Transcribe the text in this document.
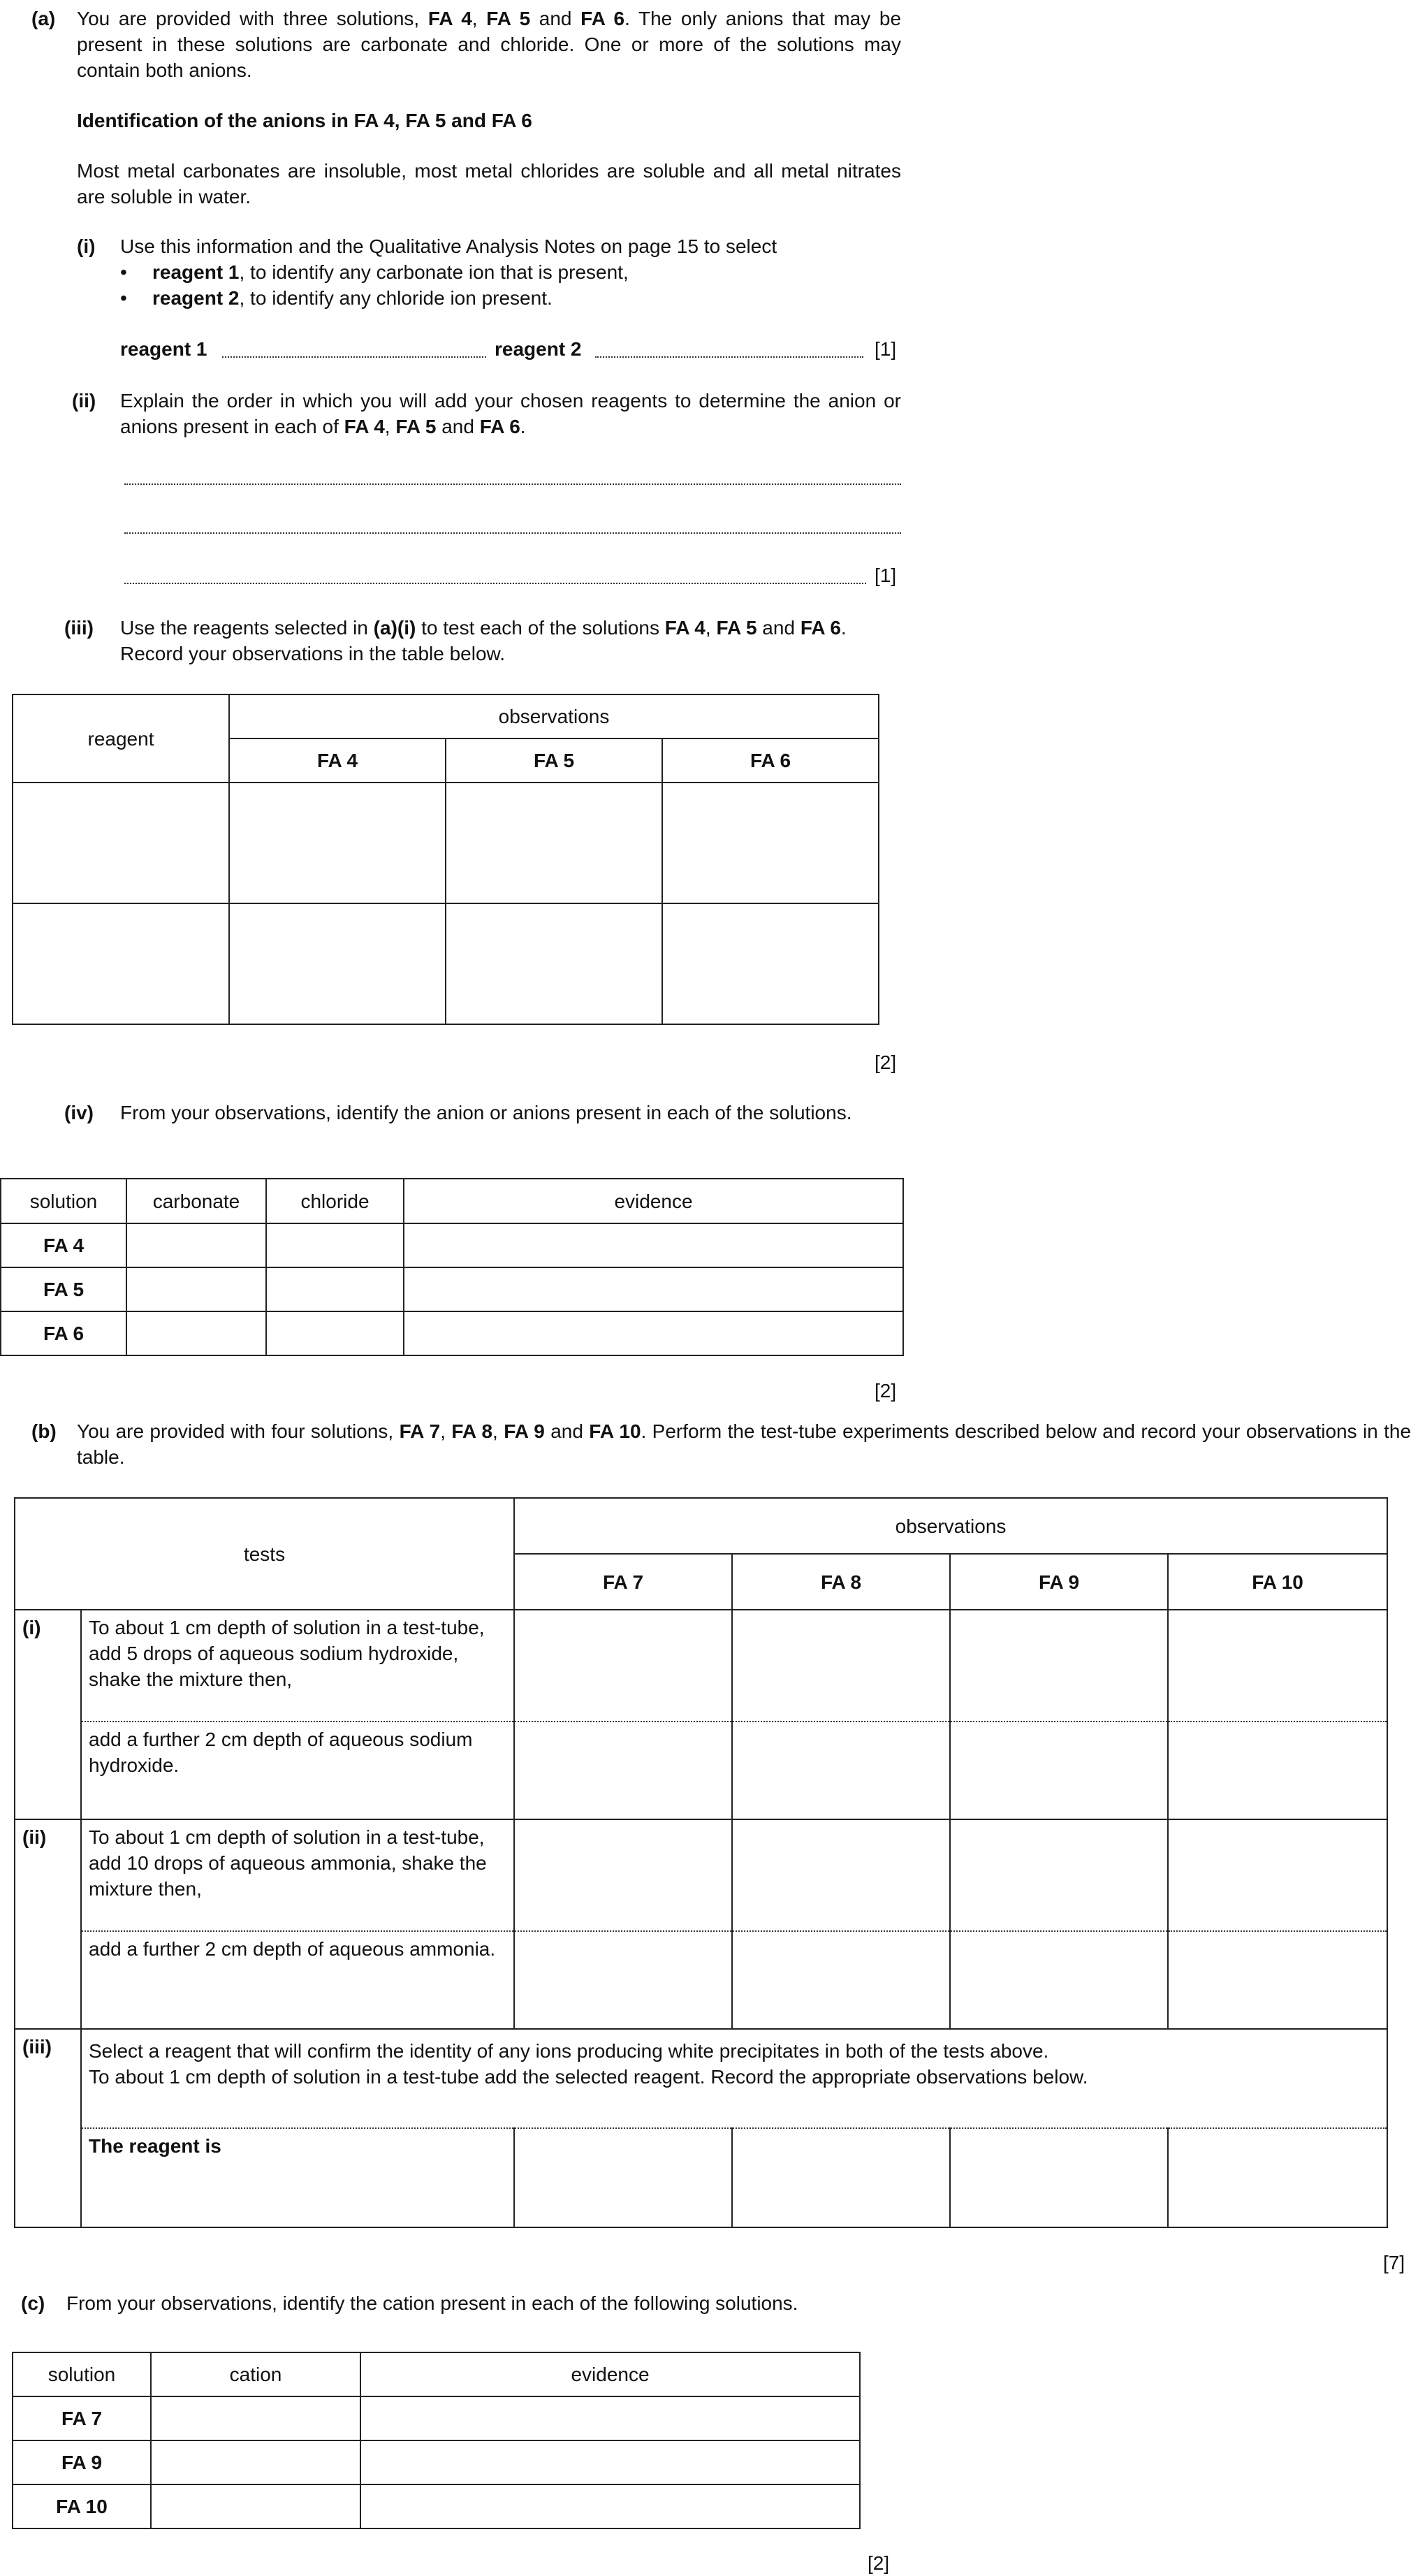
(a) You are provided with three solutions, FA 4, FA 5 and FA 6. The only anions that may be present in these solutions are carbonate and chloride. One or more of the solutions may contain both anions.
Identification of the anions in FA 4, FA 5 and FA 6
Most metal carbonates are insoluble, most metal chlorides are soluble and all metal nitrates are soluble in water.
(i) Use this information and the Qualitative Analysis Notes on page 15 to select
• reagent 1, to identify any carbonate ion that is present,
• reagent 2, to identify any chloride ion present.
reagent 1	reagent 2	[1]
(ii) Explain the order in which you will add your chosen reagents to determine the anion or anions present in each of FA 4, FA 5 and FA 6.
[1]
(iii) Use the reagents selected in (a)(i) to test each of the solutions FA 4, FA 5 and FA 6.
Record your observations in the table below.
reagent	observations		
	FA 4	FA 5	FA 6

[2]
(iv) From your observations, identify the anion or anions present in each of the solutions.
solution	carbonate	chloride	evidence
FA 4			
FA 5			
FA 6			
[2]
(b) You are provided with four solutions, FA 7, FA 8, FA 9 and FA 10. Perform the test-tube experiments described below and record your observations in the table.
tests		observations			
		FA 7	FA 8	FA 9	FA 10
(i)	To about 1 cm depth of solution in a test-tube, add 5 drops of aqueous sodium hydroxide, shake the mixture then,				
	add a further 2 cm depth of aqueous sodium hydroxide.				
(ii)	To about 1 cm depth of solution in a test-tube, add 10 drops of aqueous ammonia, shake the mixture then,				
	add a further 2 cm depth of aqueous ammonia.				
(iii)	Select a reagent that will confirm the identity of any ions producing white precipitates in both of the tests above.
To about 1 cm depth of solution in a test-tube add the selected reagent. Record the appropriate observations below.				

	The reagent is				
[7]
(c) From your observations, identify the cation present in each of the following solutions.
solution	cation	evidence
FA 7		
FA 9		
FA 10		
[2]
